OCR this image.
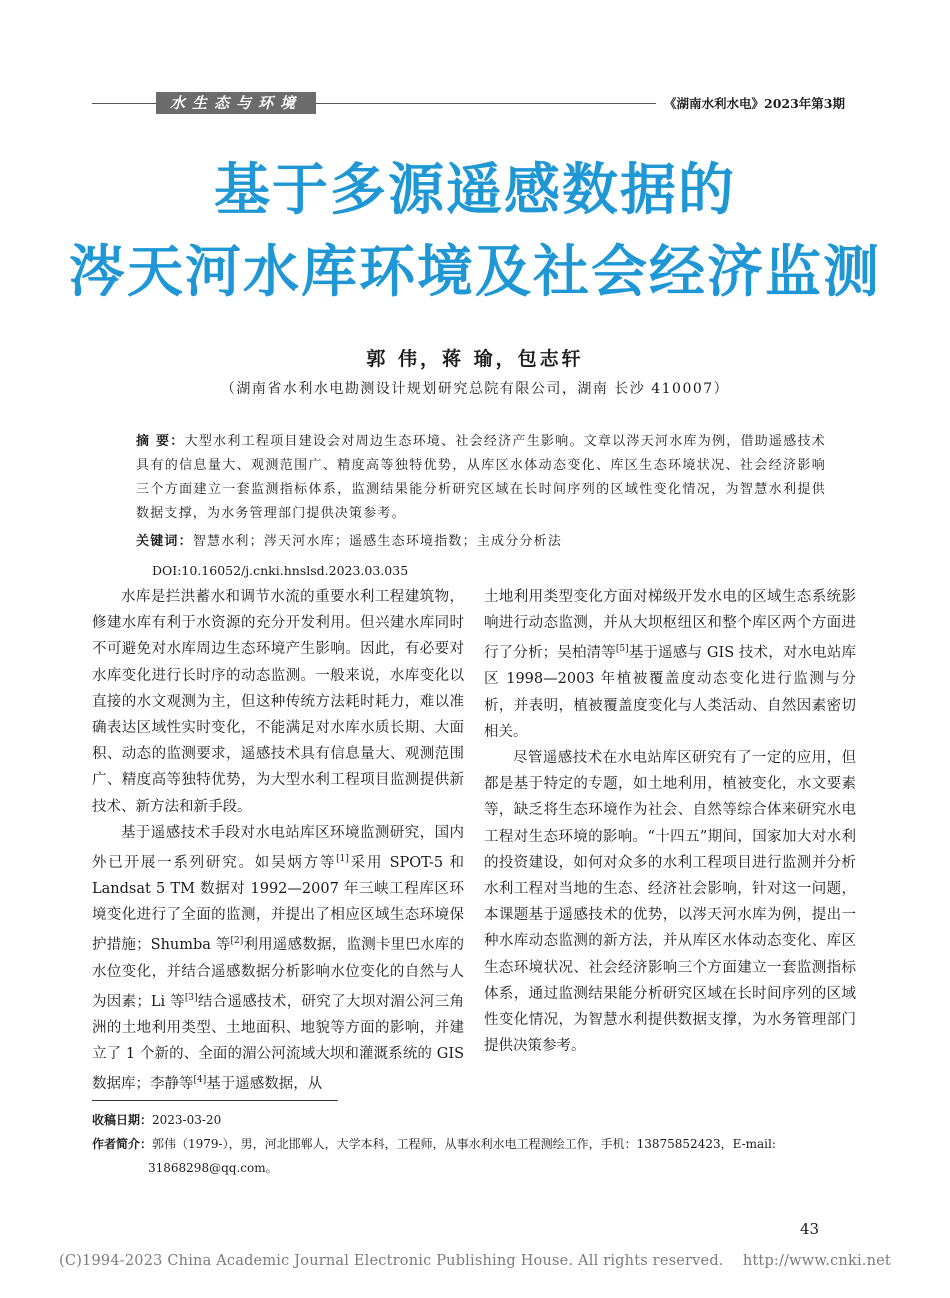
水生态与环境	《湖南水利水电》2023年第3期
基于多源遥感数据的
涔天河水库环境及社会经济监测
郭 伟，蒋 瑜，包志轩
（湖南省水利水电勘测设计规划研究总院有限公司，湖南 长沙 410007）
摘 要：大型水利工程项目建设会对周边生态环境、社会经济产生影响。文章以涔天河水库为例，借助遥感技术具有的信息量大、观测范围广、精度高等独特优势，从库区水体动态变化、库区生态环境状况、社会经济影响三个方面建立一套监测指标体系，监测结果能分析研究区域在长时间序列的区域性变化情况，为智慧水利提供数据支撑，为水务管理部门提供决策参考。
关键词：智慧水利；涔天河水库；遥感生态环境指数；主成分分析法
DOI:10.16052/j.cnki.hnslsd.2023.03.035

水库是拦洪蓄水和调节水流的重要水利工程建筑物，修建水库有利于水资源的充分开发利用。但兴建水库同时不可避免对水库周边生态环境产生影响。因此，有必要对水库变化进行长时序的动态监测。一般来说，水库变化以直接的水文观测为主，但这种传统方法耗时耗力，难以准确表达区域性实时变化，不能满足对水库水质长期、大面积、动态的监测要求，遥感技术具有信息量大、观测范围广、精度高等独特优势，为大型水利工程项目监测提供新技术、新方法和新手段。

基于遥感技术手段对水电站库区环境监测研究，国内外已开展一系列研究。如吴炳方等[1]采用 SPOT-5 和 Landsat 5 TM 数据对 1992—2007 年三峡工程库区环境变化进行了全面的监测，并提出了相应区域生态环境保护措施；Shumba 等[2]利用遥感数据，监测卡里巴水库的水位变化，并结合遥感数据分析影响水位变化的自然与人为因素；Li 等[3]结合遥感技术，研究了大坝对湄公河三角洲的土地利用类型、土地面积、地貌等方面的影响，并建立了 1 个新的、全面的湄公河流域大坝和灌溉系统的 GIS 数据库；李静等[4]基于遥感数据，从

土地利用类型变化方面对梯级开发水电的区域生态系统影响进行动态监测，并从大坝枢纽区和整个库区两个方面进行了分析；吴柏清等[5]基于遥感与 GIS 技术，对水电站库区 1998—2003 年植被覆盖度动态变化进行监测与分析，并表明，植被覆盖度变化与人类活动、自然因素密切相关。

尽管遥感技术在水电站库区研究有了一定的应用，但都是基于特定的专题，如土地利用，植被变化，水文要素等，缺乏将生态环境作为社会、自然等综合体来研究水电工程对生态环境的影响。“十四五”期间，国家加大对水利的投资建设，如何对众多的水利工程项目进行监测并分析水利工程对当地的生态、经济社会影响，针对这一问题，本课题基于遥感技术的优势，以涔天河水库为例，提出一种水库动态监测的新方法，并从库区水体动态变化、库区生态环境状况、社会经济影响三个方面建立一套监测指标体系，通过监测结果能分析研究区域在长时间序列的区域性变化情况，为智慧水利提供数据支撑，为水务管理部门提供决策参考。

收稿日期：2023-03-20
作者简介：郭伟（1979-），男，河北邯郸人，大学本科，工程师，从事水利水电工程测绘工作，手机：13875852423，E-mail:
31868298@qq.com。
43
(C)1994-2023 China Academic Journal Electronic Publishing House. All rights reserved.    http://www.cnki.net
